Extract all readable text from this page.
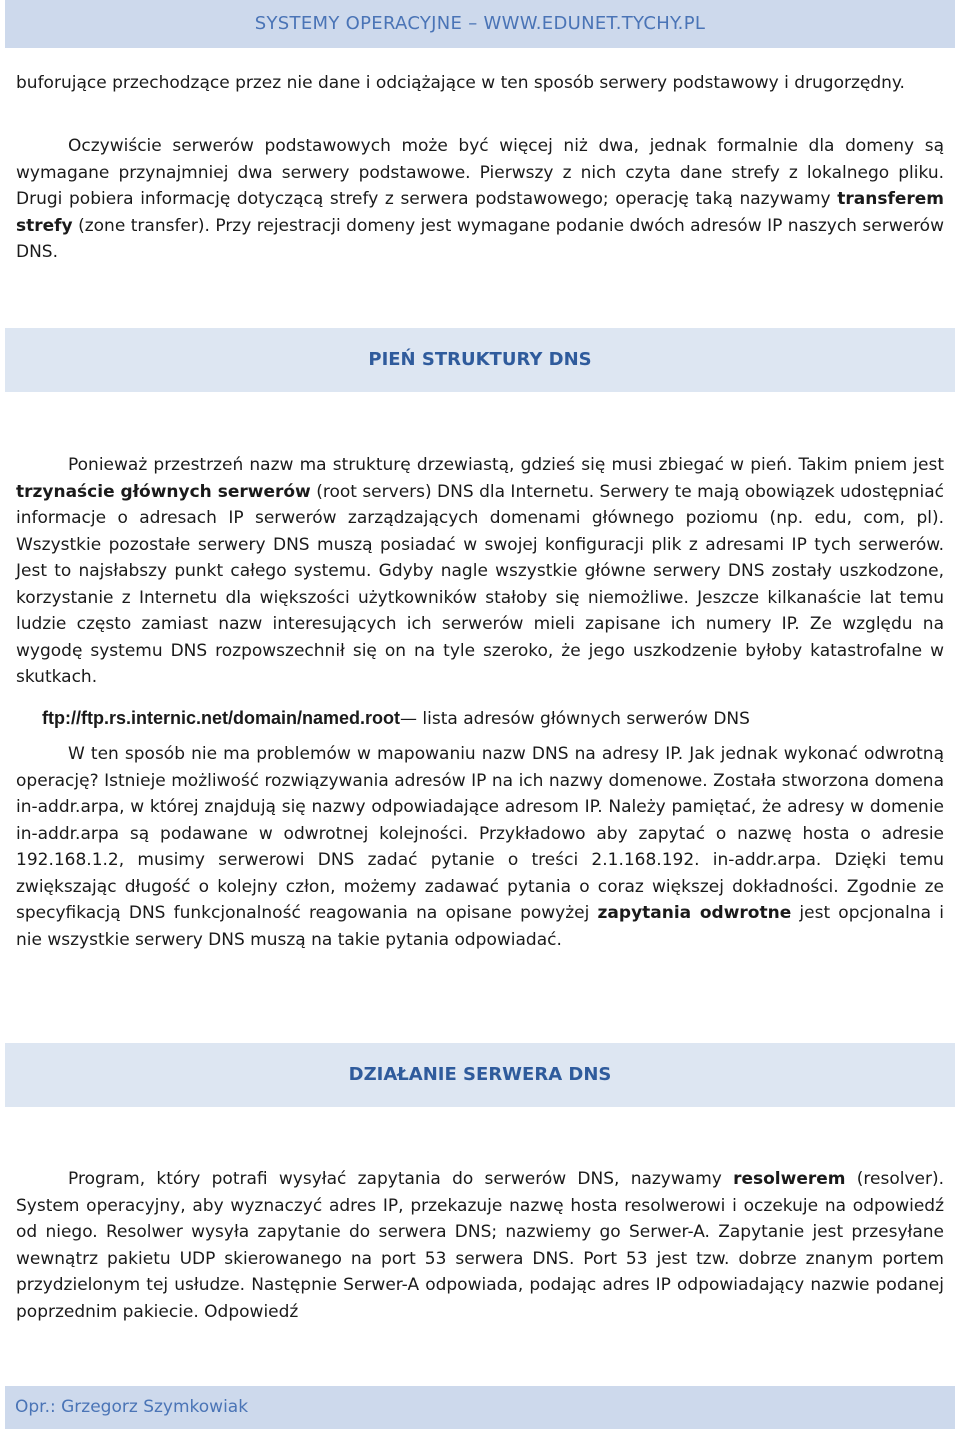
SYSTEMY OPERACYJNE – WWW.EDUNET.TYCHY.PL

buforujące przechodzące przez nie dane i odciążające w ten sposób serwery podstawowy i drugorzędny.

Oczywiście serwerów podstawowych może być więcej niż dwa, jednak formalnie dla domeny są wymagane przynajmniej dwa serwery podstawowe. Pierwszy z nich czyta dane strefy z lokalnego pliku. Drugi pobiera informację dotyczącą strefy z serwera podstawowego; operację taką nazywamy transferem strefy (zone transfer). Przy rejestracji domeny jest wymagane podanie dwóch adresów IP naszych serwerów DNS.

PIEŃ STRUKTURY DNS

Ponieważ przestrzeń nazw ma strukturę drzewiastą, gdzieś się musi zbiegać w pień. Takim pniem jest trzynaście głównych serwerów (root servers) DNS dla Internetu. Serwery te mają obowiązek udostępniać informacje o adresach IP serwerów zarządzających domenami głównego poziomu (np. edu, com, pl). Wszystkie pozostałe serwery DNS muszą posiadać w swojej konfiguracji plik z adresami IP tych serwerów. Jest to najsłabszy punkt całego systemu. Gdyby nagle wszystkie główne serwery DNS zostały uszkodzone, korzystanie z Internetu dla większości użytkowników stałoby się niemożliwe. Jeszcze kilkanaście lat temu ludzie często zamiast nazw interesujących ich serwerów mieli zapisane ich numery IP. Ze względu na wygodę systemu DNS rozpowszechnił się on na tyle szeroko, że jego uszkodzenie byłoby katastrofalne w skutkach.

ftp://ftp.rs.internic.net/domain/named.root— lista adresów głównych serwerów DNS

W ten sposób nie ma problemów w mapowaniu nazw DNS na adresy IP. Jak jednak wykonać odwrotną operację? Istnieje możliwość rozwiązywania adresów IP na ich nazwy domenowe. Została stworzona domena in-addr.arpa, w której znajdują się nazwy odpowiadające adresom IP. Należy pamiętać, że adresy w domenie in-addr.arpa są podawane w odwrotnej kolejności. Przykładowo aby zapytać o nazwę hosta o adresie 192.168.1.2, musimy serwerowi DNS zadać pytanie o treści 2.1.168.192. in-addr.arpa. Dzięki temu zwiększając długość o kolejny człon, możemy zadawać pytania o coraz większej dokładności. Zgodnie ze specyfikacją DNS funkcjonalność reagowania na opisane powyżej zapytania odwrotne jest opcjonalna i nie wszystkie serwery DNS muszą na takie pytania odpowiadać.

DZIAŁANIE SERWERA DNS

Program, który potrafi wysyłać zapytania do serwerów DNS, nazywamy resolwerem (resolver). System operacyjny, aby wyznaczyć adres IP, przekazuje nazwę hosta resolwerowi i oczekuje na odpowiedź od niego. Resolwer wysyła zapytanie do serwera DNS; nazwiemy go Serwer-A. Zapytanie jest przesyłane wewnątrz pakietu UDP skierowanego na port 53 serwera DNS. Port 53 jest tzw. dobrze znanym portem przydzielonym tej usłudze. Następnie Serwer-A odpowiada, podając adres IP odpowiadający nazwie podanej poprzednim pakiecie. Odpowiedź

Opr.: Grzegorz Szymkowiak
